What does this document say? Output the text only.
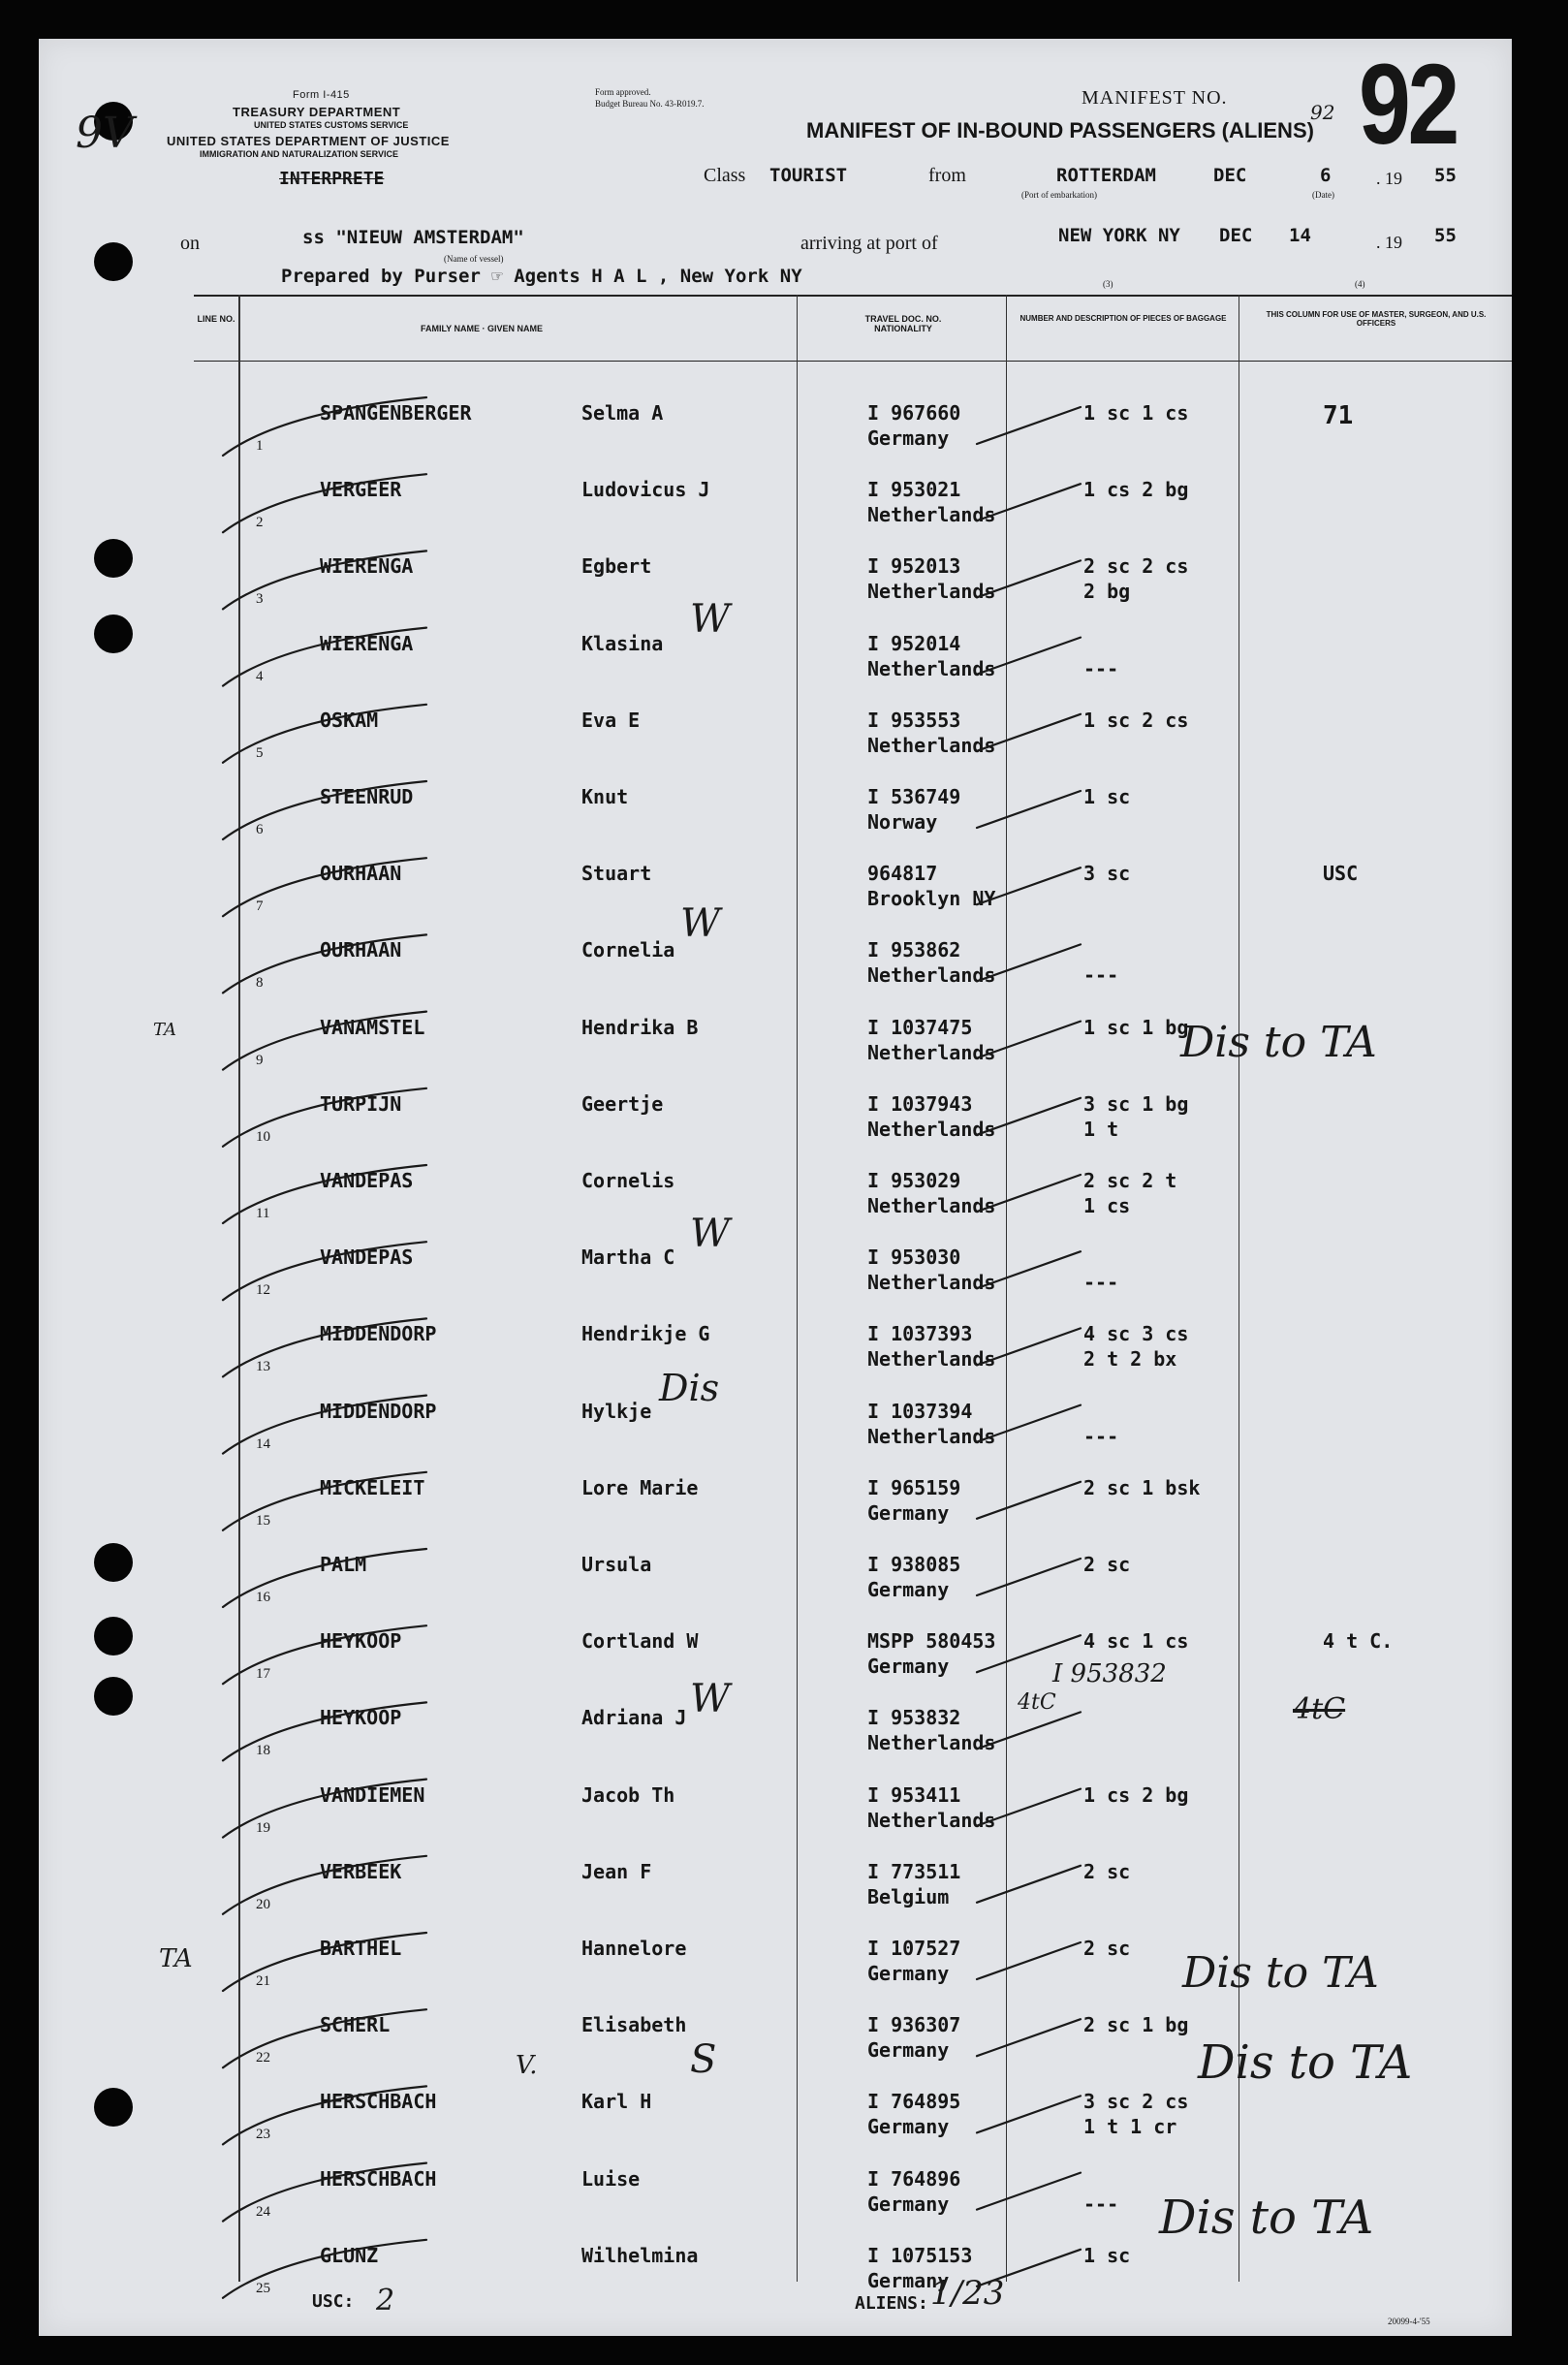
9V
Form I-415
TREASURY DEPARTMENT
UNITED STATES CUSTOMS SERVICE
UNITED STATES DEPARTMENT OF JUSTICE
IMMIGRATION AND NATURALIZATION SERVICE
INTERPRETE
Form approved.
Budget Bureau No. 43-R019.7.	MANIFEST NO.
92 92
MANIFEST OF IN-BOUND PASSENGERS (ALIENS)
Class TOURIST	from	ROTTERDAM
(Port of embarkation)
DEC	6
(Date)
. 19 55
on	ss "NIEUW AMSTERDAM"
(Name of vessel)
arriving at port of	NEW YORK NY DEC 14	. 19 55
Prepared by Purser ☞ Agents H A L , New York NY	(3)	(4)
LINE NO.
FAMILY NAME · GIVEN NAME
TRAVEL DOC. NO. NATIONALITY
NUMBER AND DESCRIPTION OF PIECES OF BAGGAGE	THIS COLUMN FOR USE OF MASTER, SURGEON, AND U.S. OFFICERS
1
SPANGENBERGER	Selma A	I 967660
Germany
1 sc 1 cs	71
2
VERGEER	Ludovicus J	I 953021
Netherlands
1 cs 2 bg
3
WIERENGA	Egbert	I 952013
Netherlands
2 sc 2 cs
2 bg
4
WIERENGA	Klasina	I 952014
Netherlands	---
5
OSKAM	Eva E	I 953553
Netherlands
1 sc 2 cs
6
STEENRUD	Knut	I 536749
Norway
1 sc
7
OURHAAN	Stuart	964817
Brooklyn NY
3 sc	USC
8
OURHAAN	Cornelia	I 953862
Netherlands	---
9
VANAMSTEL	Hendrika B	I 1037475
Netherlands
1 sc 1 bg
10
TURPIJN	Geertje	I 1037943
Netherlands
3 sc 1 bg
1 t
11
VANDEPAS	Cornelis	I 953029
Netherlands
2 sc 2 t
1 cs
12
VANDEPAS	Martha C	I 953030
Netherlands	---
13
MIDDENDORP	Hendrikje G	I 1037393
Netherlands
4 sc 3 cs
2 t 2 bx
14
MIDDENDORP	Hylkje	I 1037394
Netherlands	---
15
MICKELEIT	Lore Marie	I 965159
Germany
2 sc 1 bsk
16
PALM	Ursula	I 938085
Germany
2 sc
17
HEYKOOP	Cortland W	MSPP 580453
Germany
4 sc 1 cs	4 t C.
18
HEYKOOP	Adriana J	I 953832
Netherlands
19
VANDIEMEN	Jacob Th	I 953411
Netherlands
1 cs 2 bg
20
VERBEEK	Jean F	I 773511
Belgium
2 sc
21
BARTHEL	Hannelore	I 107527
Germany
2 sc
22
SCHERL	Elisabeth	I 936307
Germany
2 sc 1 bg
23
HERSCHBACH	Karl H	I 764895
Germany
3 sc 2 cs
1 t 1 cr
24
HERSCHBACH	Luise	I 764896
Germany	---
25
GLUNZ	Wilhelmina	I 1075153
Germany
1 sc
W
W
W
Dis
W
S
V.
Dis to TA
Dis to TA
Dis to TA
Dis to TA
TA
TA
I 953832
4tC	4tC
USC: 2	ALIENS: 1/23
20099-4-'55
